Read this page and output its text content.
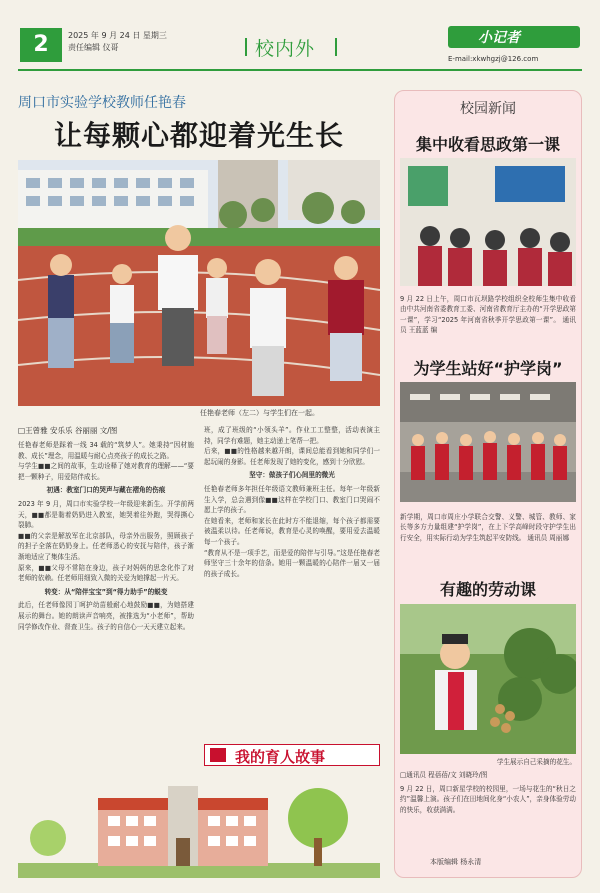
2	2025 年 9 月 24 日 星期三
责任编辑 仪哥	校内外	小记者
E-mail:xkwhgzj@126.com
周口市实验学校教师任艳春
让每颗心都迎着光生长
任艳春老师（左二）与学生们在一起。
□王曾雅 安乐乐 谷丽丽 文/图

任艳春老师是踩着一线 34 载的“筑梦人”。她秉持“因材施教、成长”理念，用温暖与耐心点亮孩子的成长之路。

与学生■■之间的故事，生动诠释了她对教育的理解——“要把一颗种子，用爱陪伴成长。

初遇：教室门口的哭声与藏在褶角的伤痕

2023 年 9 月，周口市实验学校一年级迎来新生。开学前两天，■■都是黏着奶奶进入教室，她哭着往外跑，哭得撕心裂肺。

■■的父亲是解放军在北京部队，母亲外出服务，照顾孩子的担子全落在奶奶身上。任老师悉心的安抚与陪伴，孩子渐渐地适应了集体生活。

原来，■■父母不常陪在身边，孩子对妈妈的思念化作了对老师的依赖。任老师用细致入微的关爱为她撑起一片天。

转变：从“陪伴宝宝”到“得力助手”的蜕变

此后，任老师像园丁呵护幼苗般耐心地鼓励■■，为她搭建展示的舞台。她的朗读声音响亮，被推选为“小老师”，帮助同学修改作业、督查卫生。孩子的自信心一天天建立起来。

班，成了班级的“小领头羊”。作业工工整整，活动表演主持，同学有难题，她主动递上笔帮一把。

后来，■■的性格越来越开朗，课间总能看到她和同学们一起玩闹的身影。任老师发现了她的变化，感到十分欣慰。

坚守：做孩子们心间里的微光

任艳春老师多年担任年级语文教师兼班主任。每年一年级新生入学，总会遇到像■■这样在学校门口、教室门口哭闹不愿上学的孩子。

在她看来，老师和家长在此时方不能退缩，每个孩子都需要被温柔以待。任老师说，教育是心灵的唤醒，要用爱去温暖每一个孩子。

“教育从不是一项手艺，而是爱的陪伴与引导。”这是任艳春老师坚守三十余年的信条。她用一颗温暖的心陪伴一届又一届的孩子成长。

我的育人故事
校园新闻
集中收看思政第一课
9 月 22 日上午，周口市瓦坝路学校组织全校师生集中收看由中共河南省委教育工委、河南省教育厅主办的“开学思政第一课”，学习“2025 年河南省秋季开学思政第一课”。 通讯员 王蓝蓝 编
为学生站好“护学岗”
新学期，周口市周庄小学联合交警、义警、城管、教师、家长等多方力量组建“护学岗”，在上下学高峰时段守护学生出行安全，用实际行动为学生筑起平安防线。 通讯员 周丽娜
有趣的劳动课
学生展示自己采摘的花生。
□通讯员 程蓓蓓/文 刘晓玲/图
9 月 22 日，周口新星学校的校园里，一场与花生的“秋日之约”温馨上演。孩子们在田地间化身“小农人”，亲身体验劳动的快乐，收获满满。
本版编辑 杨永清
